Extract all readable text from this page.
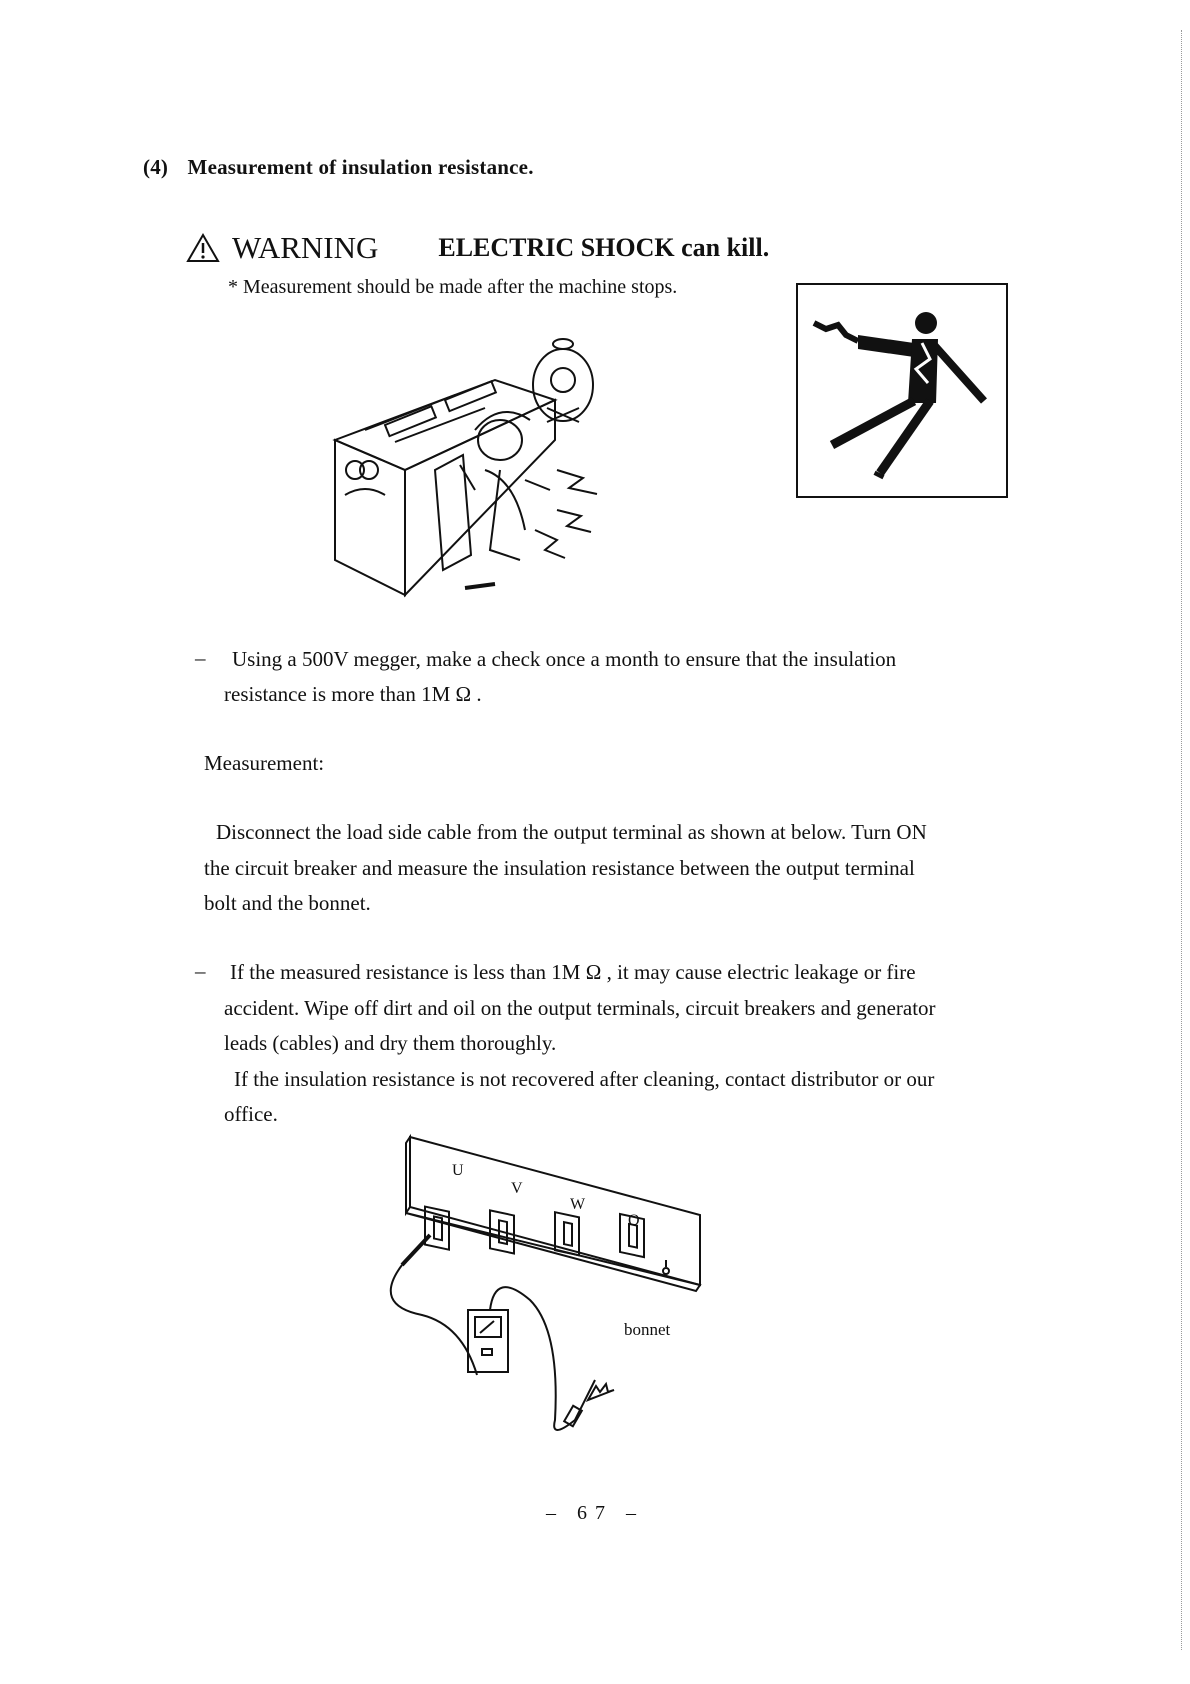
(4) Measurement of insulation resistance.
WARNING ELECTRIC SHOCK can kill.
* Measurement should be made after the machine stops.
– Using a 500V megger, make a check once a month to ensure that the insulation
resistance is more than 1M Ω .
Measurement:
Disconnect the load side cable from the output terminal as shown at below. Turn ON
the circuit breaker and measure the insulation resistance between the output terminal
bolt and the bonnet.
– If the measured resistance is less than 1M Ω , it may cause electric leakage or fire
accident. Wipe off dirt and oil on the output terminals, circuit breakers and generator
leads (cables) and dry them thoroughly.
If the insulation resistance is not recovered after cleaning, contact distributor or our
office.
U
V
W
O
bonnet
– 67 –
